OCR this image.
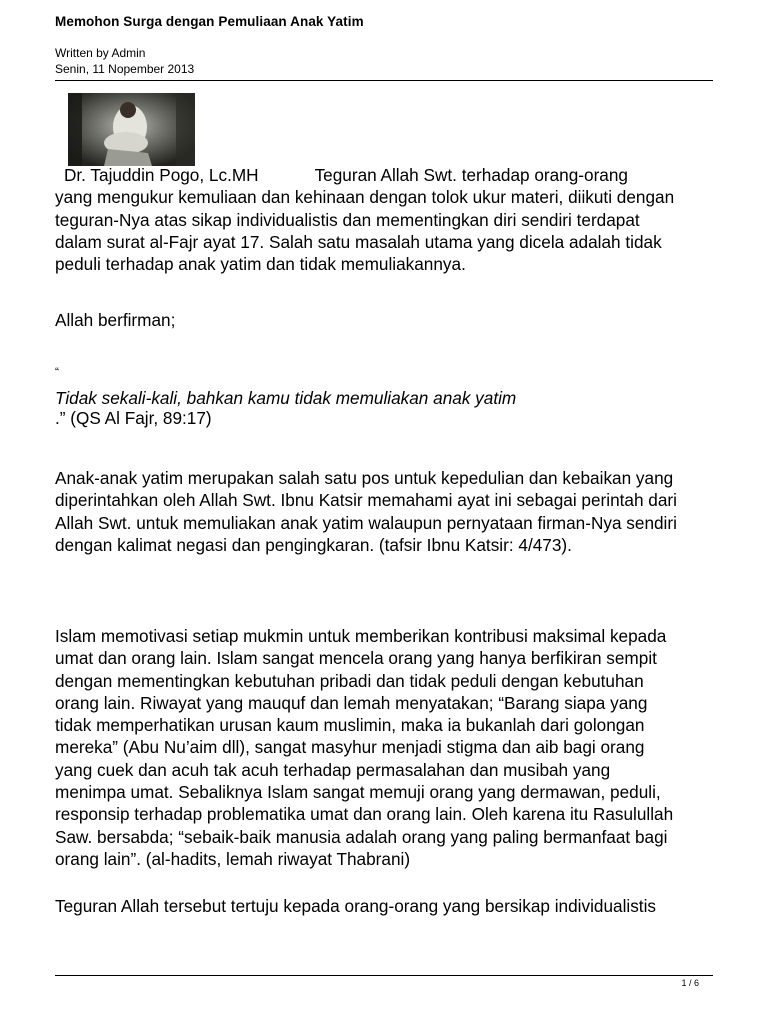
Memohon Surga dengan Pemuliaan Anak Yatim
Written by Admin
Senin, 11 Nopember 2013
Dr. Tajuddin Pogo, Lc.MH	Teguran Allah Swt. terhadap orang-orang
yang mengukur kemuliaan dan kehinaan dengan tolok ukur materi, diikuti dengan
teguran-Nya atas sikap individualistis dan mementingkan diri sendiri terdapat
dalam surat al-Fajr ayat 17. Salah satu masalah utama yang dicela adalah tidak
peduli terhadap anak yatim dan tidak memuliakannya.
Allah berfirman;
“
Tidak sekali-kali, bahkan kamu tidak memuliakan anak yatim
.” (QS Al Fajr, 89:17)
Anak-anak yatim merupakan salah satu pos untuk kepedulian dan kebaikan yang
diperintahkan oleh Allah Swt. Ibnu Katsir memahami ayat ini sebagai perintah dari
Allah Swt. untuk memuliakan anak yatim walaupun pernyataan firman-Nya sendiri
dengan kalimat negasi dan pengingkaran. (tafsir Ibnu Katsir: 4/473).
Islam memotivasi setiap mukmin untuk memberikan kontribusi maksimal kepada
umat dan orang lain. Islam sangat mencela orang yang hanya berfikiran sempit
dengan mementingkan kebutuhan pribadi dan tidak peduli dengan kebutuhan
orang lain. Riwayat yang mauquf dan lemah menyatakan; “Barang siapa yang
tidak memperhatikan urusan kaum muslimin, maka ia bukanlah dari golongan
mereka” (Abu Nu’aim dll), sangat masyhur menjadi stigma dan aib bagi orang
yang cuek dan acuh tak acuh terhadap permasalahan dan musibah yang
menimpa umat. Sebaliknya Islam sangat memuji orang yang dermawan, peduli,
responsip terhadap problematika umat dan orang lain. Oleh karena itu Rasulullah
Saw. bersabda; “sebaik-baik manusia adalah orang yang paling bermanfaat bagi
orang lain”. (al-hadits, lemah riwayat Thabrani)
Teguran Allah tersebut tertuju kepada orang-orang yang bersikap individualistis
1 / 6
